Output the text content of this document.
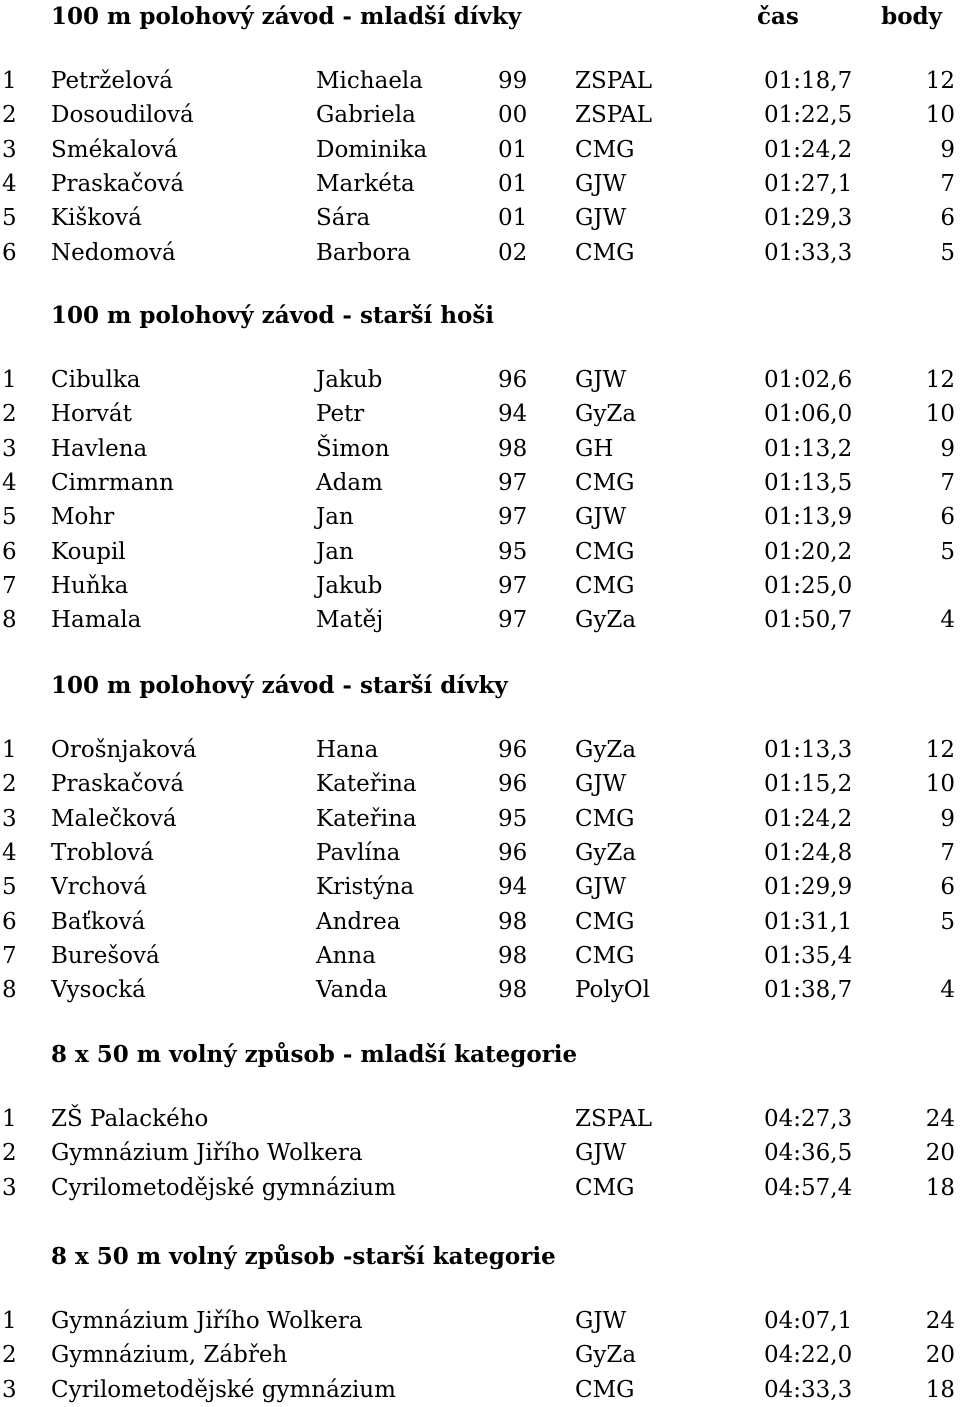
100 m polohový závod - mladší dívky	čas	body
1 Petrželová	Michaela	99 ZSPAL	01:18,7	12
2 Dosoudilová	Gabriela	00 ZSPAL	01:22,5	10
3 Smékalová	Dominika	01 CMG	01:24,2	9
4 Praskačová	Markéta	01 GJW	01:27,1	7
5 Kišková	Sára	01 GJW	01:29,3	6
6 Nedomová	Barbora	02 CMG	01:33,3	5
100 m polohový závod - starší hoši
1 Cibulka	Jakub	96 GJW	01:02,6	12
2 Horvát	Petr	94 GyZa	01:06,0	10
3 Havlena	Šimon	98 GH	01:13,2	9
4 Cimrmann	Adam	97 CMG	01:13,5	7
5 Mohr	Jan	97 GJW	01:13,9	6
6 Koupil	Jan	95 CMG	01:20,2	5
7 Huňka	Jakub	97 CMG	01:25,0
8 Hamala	Matěj	97 GyZa	01:50,7	4
100 m polohový závod - starší dívky
1 Orošnjaková	Hana	96 GyZa	01:13,3	12
2 Praskačová	Kateřina	96 GJW	01:15,2	10
3 Malečková	Kateřina	95 CMG	01:24,2	9
4 Troblová	Pavlína	96 GyZa	01:24,8	7
5 Vrchová	Kristýna	94 GJW	01:29,9	6
6 Baťková	Andrea	98 CMG	01:31,1	5
7 Burešová	Anna	98 CMG	01:35,4
8 Vysocká	Vanda	98 PolyOl	01:38,7	4
8 x 50 m volný způsob - mladší kategorie
1 ZŠ Palackého	ZSPAL	04:27,3	24
2 Gymnázium Jiřího Wolkera	GJW	04:36,5	20
3 Cyrilometodějské gymnázium	CMG	04:57,4	18
8 x 50 m volný způsob -starší kategorie
1 Gymnázium Jiřího Wolkera	GJW	04:07,1	24
2 Gymnázium, Zábřeh	GyZa	04:22,0	20
3 Cyrilometodějské gymnázium	CMG	04:33,3	18
